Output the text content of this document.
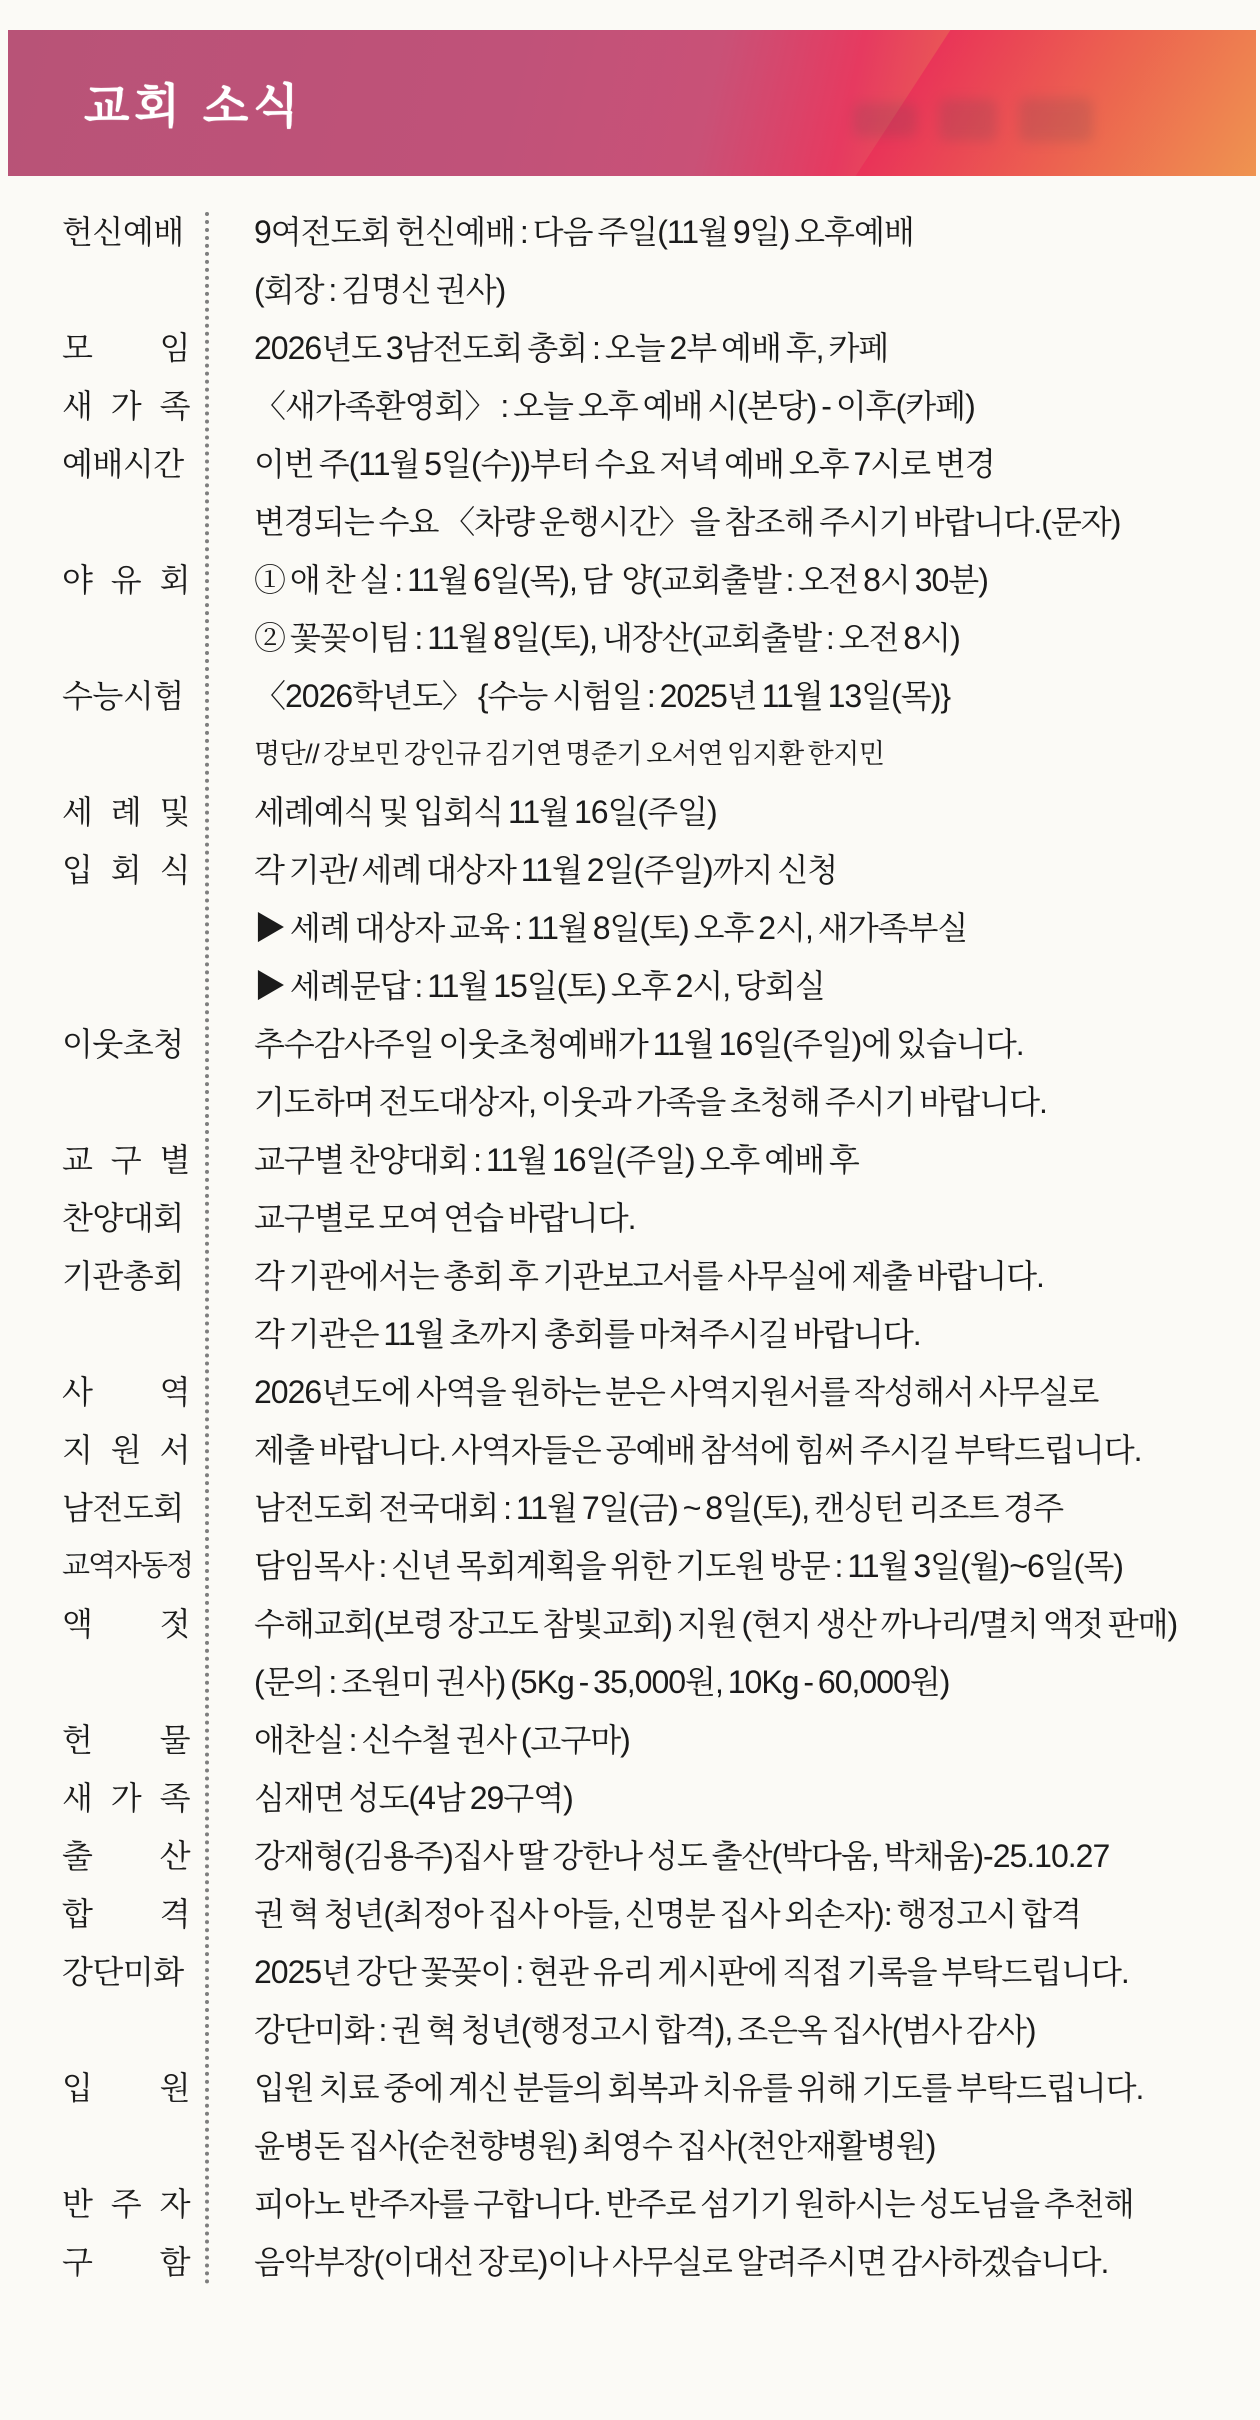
교회 소식
헌신예배 9여전도회 헌신예배 : 다음 주일(11월 9일) 오후예배
(회장 : 김명신 권사)
모 임 2026년도 3남전도회 총회 : 오늘 2부 예배 후, 카페
새 가 족 〈새가족환영회〉 : 오늘 오후 예배 시(본당) - 이후(카페)
예배시간 이번 주(11월 5일(수))부터 수요 저녁 예배 오후 7시로 변경
변경되는 수요 〈차량 운행시간〉을 참조해 주시기 바랍니다.(문자)
야 유 회 ① 애 찬 실 : 11월 6일(목), 담  양(교회출발 : 오전 8시 30분)
② 꽃꽂이팀 : 11월 8일(토), 내장산(교회출발 : 오전 8시)
수능시험 〈2026학년도〉 {수능 시험일 : 2025년 11월 13일(목)}
명단// 강보민 강인규 김기연 명준기 오서연 임지환 한지민
세 례 및 세례예식 및 입회식 11월 16일(주일)
입 회 식 각 기관/ 세례 대상자 11월 2일(주일)까지 신청
▶ 세례 대상자 교육 : 11월 8일(토) 오후 2시, 새가족부실
▶ 세례문답 : 11월 15일(토) 오후 2시, 당회실
이웃초청 추수감사주일 이웃초청예배가 11월 16일(주일)에 있습니다.
기도하며 전도대상자, 이웃과 가족을 초청해 주시기 바랍니다.
교 구 별 교구별 찬양대회 : 11월 16일(주일) 오후 예배 후
찬양대회 교구별로 모여 연습 바랍니다.
기관총회 각 기관에서는 총회 후 기관보고서를 사무실에 제출 바랍니다.
각 기관은 11월 초까지 총회를 마쳐주시길 바랍니다.
사 역 2026년도에 사역을 원하는 분은 사역지원서를 작성해서 사무실로
지 원 서 제출 바랍니다. 사역자들은 공예배 참석에 힘써 주시길 부탁드립니다.
남전도회 남전도회 전국대회 : 11월 7일(금) ~ 8일(토), 캔싱턴 리조트 경주
교역자동정 담임목사 : 신년 목회계획을 위한 기도원 방문 : 11월 3일(월)~6일(목)
액 젓 수해교회(보령 장고도 참빛교회) 지원 (현지 생산 까나리/멸치 액젓 판매)
(문의 : 조원미 권사) (5Kg - 35,000원, 10Kg - 60,000원)
헌 물 애찬실 : 신수철 권사 (고구마)
새 가 족 심재면 성도(4남 29구역)
출 산 강재형(김용주)집사 딸 강한나 성도 출산(박다움, 박채움)-25.10.27
합 격 권 혁 청년(최정아 집사 아들, 신명분 집사 외손자): 행정고시 합격
강단미화 2025년 강단 꽃꽂이 : 현관 유리 게시판에 직접 기록을 부탁드립니다.
강단미화 : 권 혁 청년(행정고시 합격), 조은옥 집사(범사 감사)
입 원 입원 치료 중에 계신 분들의 회복과 치유를 위해 기도를 부탁드립니다.
윤병돈 집사(순천향병원) 최영수 집사(천안재활병원)
반 주 자 피아노 반주자를 구합니다. 반주로 섬기기 원하시는 성도님을 추천해
구 함 음악부장(이대선 장로)이나 사무실로 알려주시면 감사하겠습니다.
